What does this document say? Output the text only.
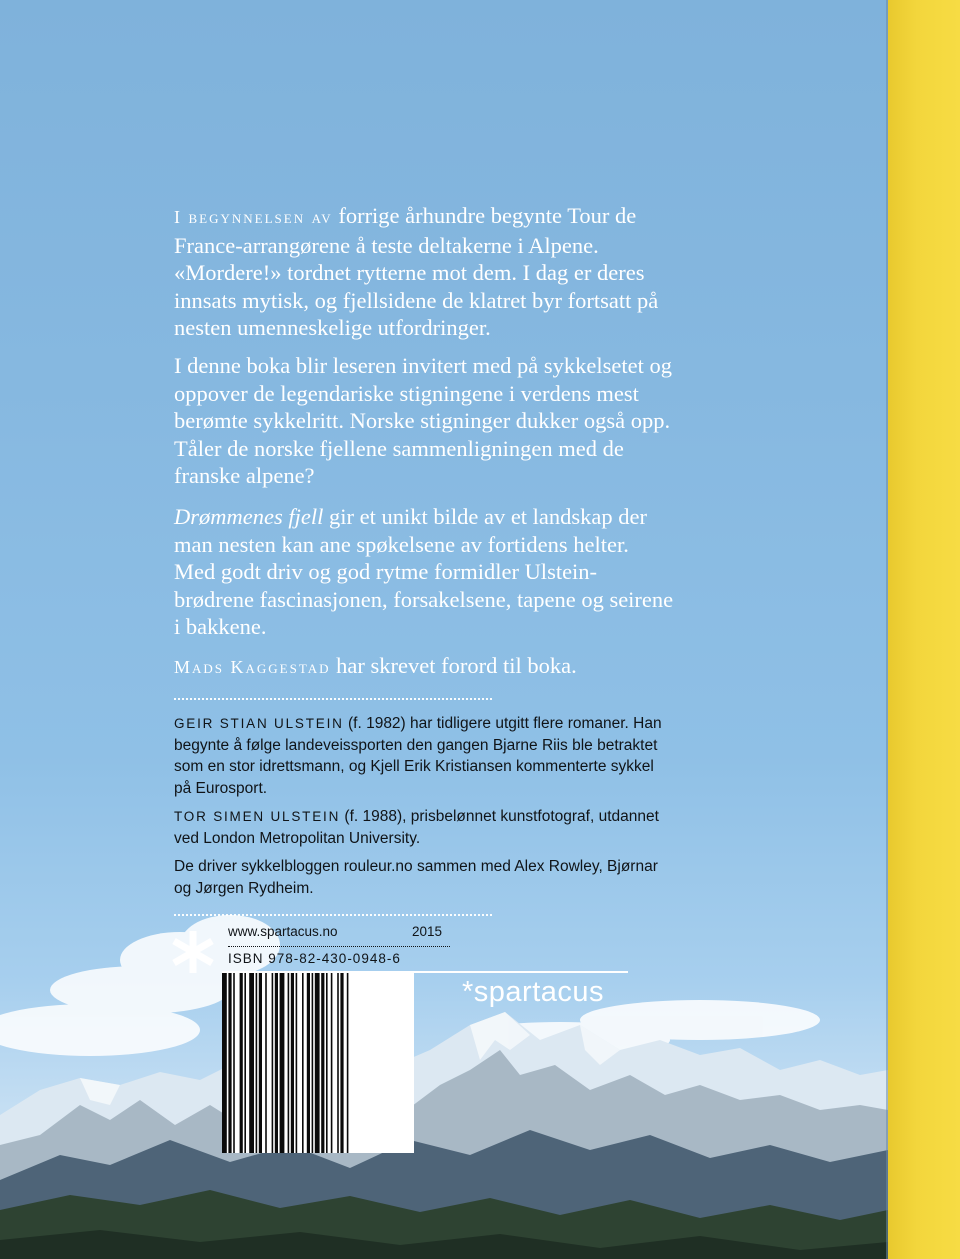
I begynnelsen av forrige århundre begynte Tour de France-arrangørene å teste deltakerne i Alpene. «Mordere!» tordnet rytterne mot dem. I dag er deres innsats mytisk, og fjellsidene de klatret byr fortsatt på nesten umenneskelige utfordringer.

I denne boka blir leseren invitert med på sykkelsetet og oppover de legendariske stigningene i verdens mest berømte sykkelritt. Norske stigninger dukker også opp. Tåler de norske fjellene sammenligningen med de franske alpene?

Drømmenes fjell gir et unikt bilde av et landskap der man nesten kan ane spøkelsene av fortidens helter. Med godt driv og god rytme formidler Ulstein-brødrene fascinasjonen, forsakelsene, tapene og seirene i bakkene.

Mads Kaggestad har skrevet forord til boka.

GEIR STIAN ULSTEIN (f. 1982) har tidligere utgitt flere romaner. Han begynte å følge landeveissporten den gangen Bjarne Riis ble betraktet som en stor idrettsmann, og Kjell Erik Kristiansen kommenterte sykkel på Eurosport.

TOR SIMEN ULSTEIN (f. 1988), prisbelønnet kunstfotograf, utdannet ved London Metropolitan University.

De driver sykkelbloggen rouleur.no sammen med Alex Rowley, Bjørnar og Jørgen Rydheim.

www.spartacus.no	2015
ISBN 978-82-430-0948-6
*spartacus
